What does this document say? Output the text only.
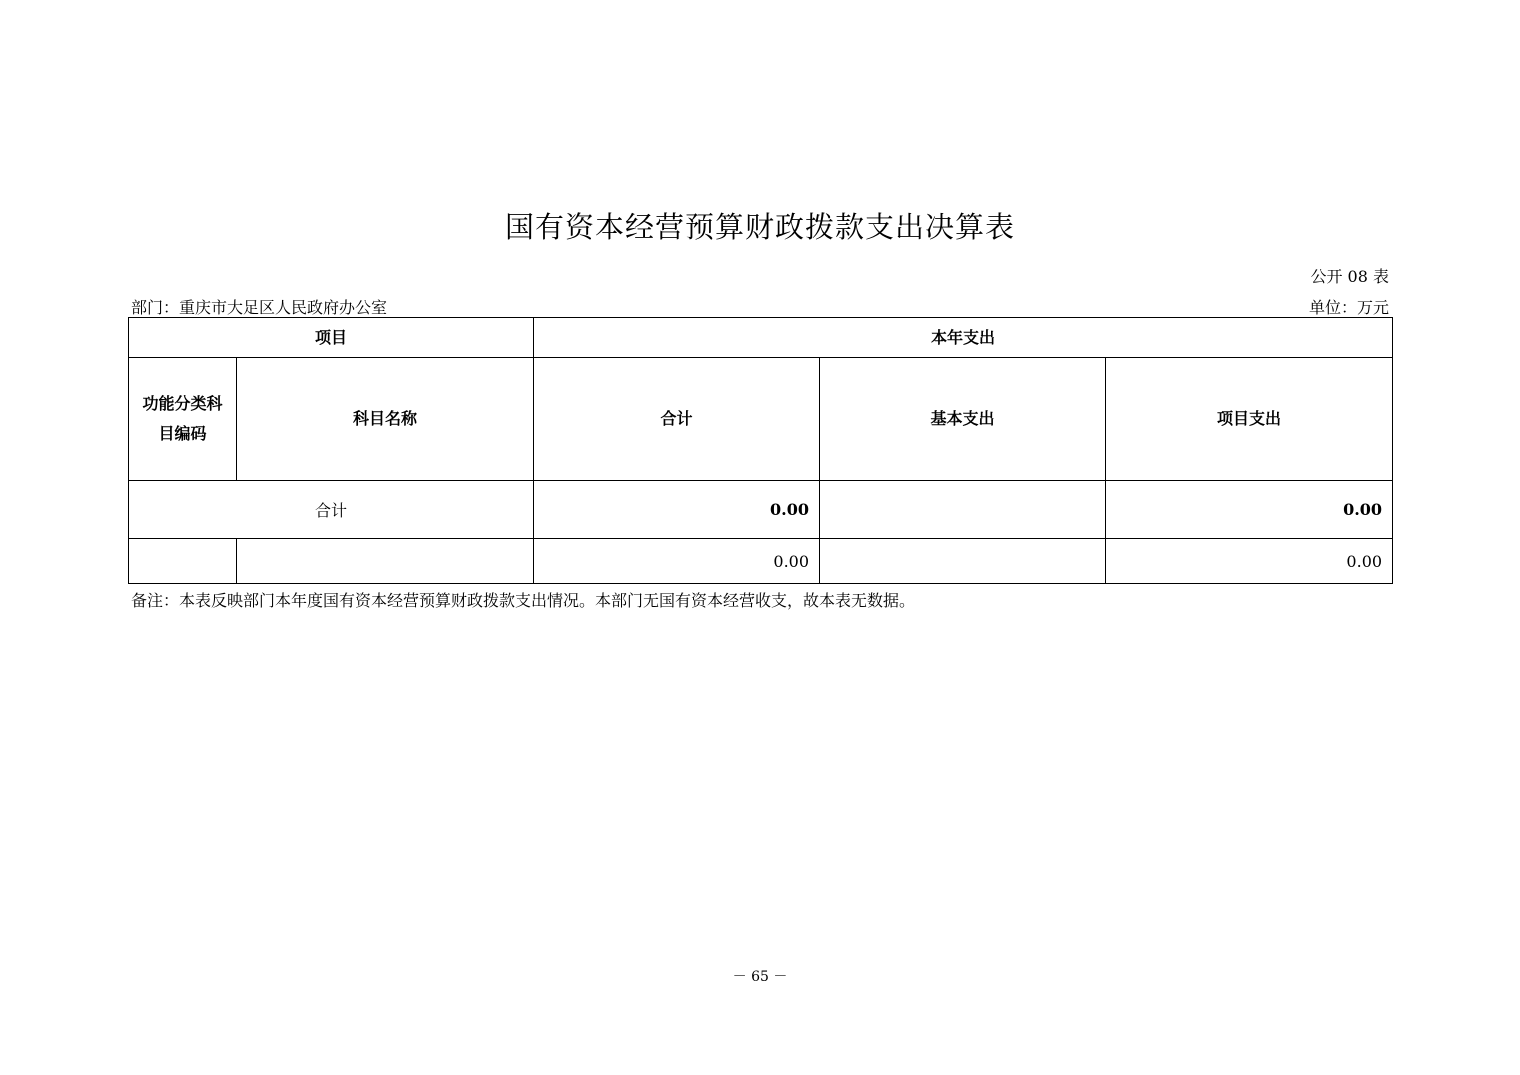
国有资本经营预算财政拨款支出决算表
公开 08 表
部门：重庆市大足区人民政府办公室	单位：万元
项目		本年支出		
功能分类科目编码	科目名称	合计	基本支出	项目支出
合计		0.00		0.00
		0.00		0.00
备注：本表反映部门本年度国有资本经营预算财政拨款支出情况。本部门无国有资本经营收支，故本表无数据。
－ 65 －
